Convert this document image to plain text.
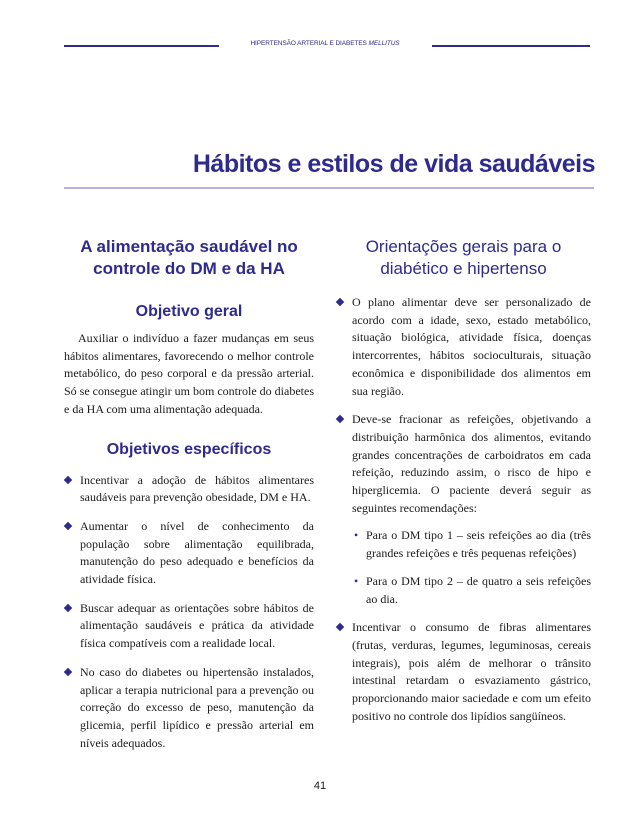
HIPERTENSÃO ARTERIAL E DIABETES MELLITUS
Hábitos e estilos de vida saudáveis
A alimentação saudável no
controle do DM e da HA
Objetivo geral

Auxiliar o indivíduo a fazer mudanças em seus hábitos alimentares, favorecendo o melhor controle metabólico, do peso corporal e da pressão arterial. Só se consegue atingir um bom controle do diabetes e da HA com uma alimentação adequada.

Objetivos específicos
Incentivar a adoção de hábitos alimentares saudáveis para prevenção obesidade, DM e HA.
Aumentar o nível de conhecimento da população sobre alimentação equilibrada, manutenção do peso adequado e benefícios da atividade física.
Buscar adequar as orientações sobre hábitos de alimentação saudáveis e prática da atividade física compatíveis com a realidade local.
No caso do diabetes ou hipertensão instalados, aplicar a terapia nutricional para a prevenção ou correção do excesso de peso, manutenção da glicemia, perfil lipídico e pressão arterial em níveis adequados.
Orientações gerais para o
diabético e hipertenso
O plano alimentar deve ser personalizado de acordo com a idade, sexo, estado metabólico, situação biológica, atividade física, doenças intercorrentes, hábitos socioculturais, situação econômica e disponibilidade dos alimentos em sua região.
Deve-se fracionar as refeições, objetivando a distribuição harmônica dos alimentos, evitando grandes concentrações de carboidratos em cada refeição, reduzindo assim, o risco de hipo e hiperglicemia. O paciente deverá seguir as seguintes recomendações:
• Para o DM tipo 1 – seis refeições ao dia (três grandes refeições e três pequenas refeições)
• Para o DM tipo 2 – de quatro a seis refeições ao dia.
Incentivar o consumo de fibras alimentares (frutas, verduras, legumes, leguminosas, cereais integrais), pois além de melhorar o trânsito intestinal retardam o esvaziamento gástrico, proporcionando maior saciedade e com um efeito positivo no controle dos lipídios sangüíneos.
41
